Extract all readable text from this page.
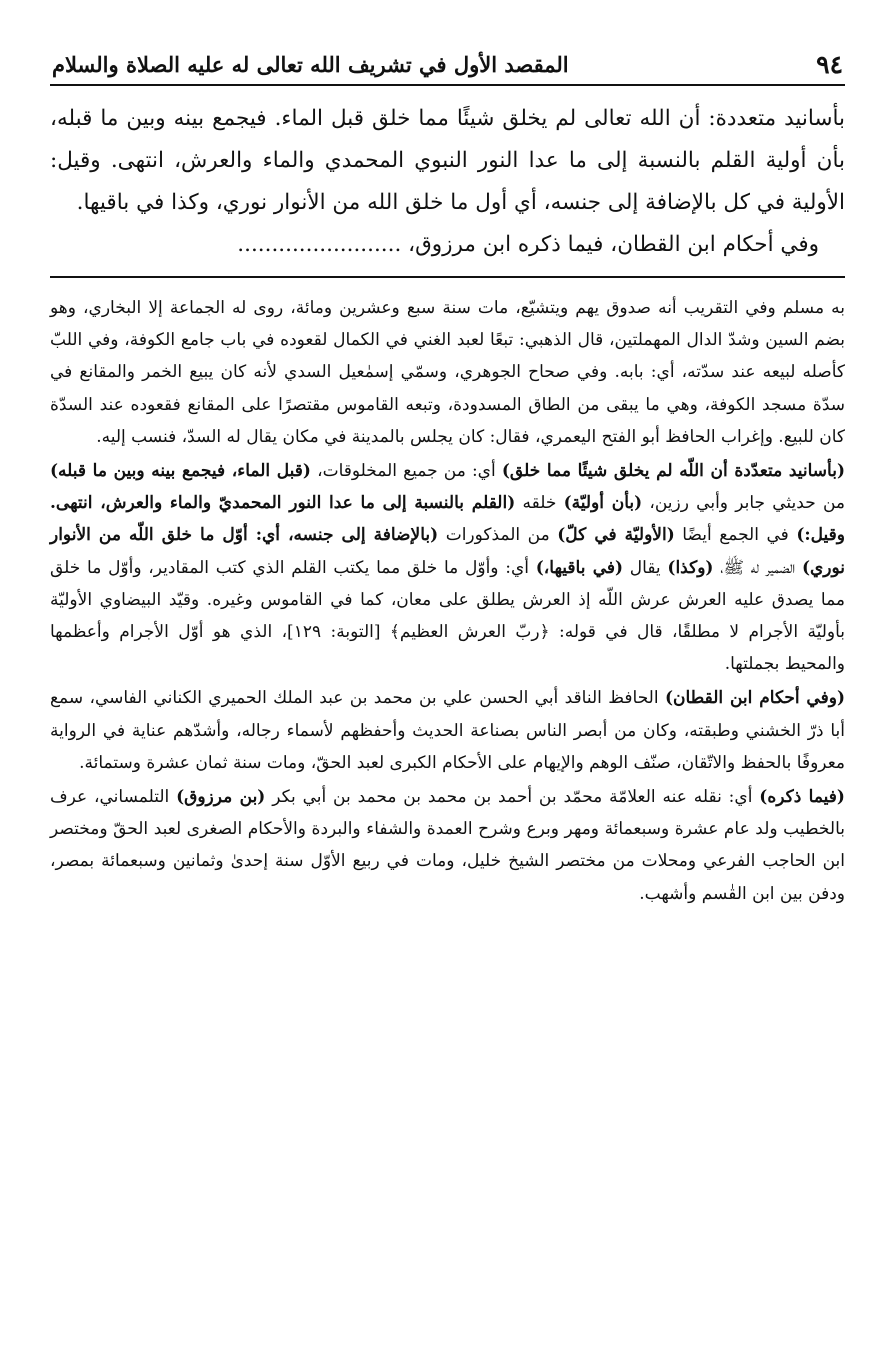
٩٤
المقصد الأول في تشريف الله تعالى له عليه الصلاة والسلام

بأسانيد متعددة: أن الله تعالى لم يخلق شيئًا مما خلق قبل الماء. فيجمع بينه وبين ما قبله، بأن أولية القلم بالنسبة إلى ما عدا النور النبوي المحمدي والماء والعرش، انتهى. وقيل: الأولية في كل بالإضافة إلى جنسه، أي أول ما خلق الله من الأنوار نوري، وكذا في باقيها.

وفي أحكام ابن القطان، فيما ذكره ابن مرزوق، ........................

به مسلم وفي التقريب أنه صدوق يهم ويتشيّع، مات سنة سبع وعشرين ومائة، روى له الجماعة إلا البخاري، وهو بضم السين وشدّ الدال المهملتين، قال الذهبي: تبعًا لعبد الغني في الكمال لقعوده في باب جامع الكوفة، وفي اللبّ كأصله لبيعه عند سدّته، أي: بابه. وفي صحاح الجوهري، وسمّي إسمٰعيل السدي لأنه كان يبيع الخمر والمقانع في سدّة مسجد الكوفة، وهي ما يبقى من الطاق المسدودة، وتبعه القاموس مقتصرًا على المقانع فقعوده عند السدّة كان للبيع. وإغراب الحافظ أبو الفتح اليعمري، فقال: كان يجلس بالمدينة في مكان يقال له السدّ، فنسب إليه.

(بأسانيد متعدّدة أن اللّه لم يخلق شيئًا مما خلق) أي: من جميع المخلوقات، (قبل الماء، فيجمع بينه وبين ما قبله) من حديثي جابر وأبي رزين، (بأن أوليّة) خلقه (القلم بالنسبة إلى ما عدا النور المحمديّ والماء والعرش، انتهى. وقيل:) في الجمع أيضًا (الأوليّة في كلّ) من المذكورات (بالإضافة إلى جنسه، أي: أوّل ما خلق اللّه من الأنوار نوري) الضمير له ﷺ، (وكذا) يقال (في باقيها،) أي: وأوّل ما خلق مما يكتب القلم الذي كتب المقادير، وأوّل ما خلق مما يصدق عليه العرش عرش اللّه إذ العرش يطلق على معان، كما في القاموس وغيره. وقيّد البيضاوي الأوليّة بأوليّة الأجرام لا مطلقًا، قال في قوله: ﴿ربّ العرش العظيم﴾ [التوبة: ١٢٩]، الذي هو أوّل الأجرام وأعظمها والمحيط بجملتها.

(وفي أحكام ابن القطان) الحافظ الناقد أبي الحسن علي بن محمد بن عبد الملك الحميري الكناني الفاسي، سمع أبا ذرّ الخشني وطبقته، وكان من أبصر الناس بصناعة الحديث وأحفظهم لأسماء رجاله، وأشدّهم عناية في الرواية معروفًا بالحفظ والاتّقان، صنّف الوهم والإيهام على الأحكام الكبرى لعبد الحقّ، ومات سنة ثمان عشرة وستمائة.

(فيما ذكره) أي: نقله عنه العلامّة محمّد بن أحمد بن محمد بن محمد بن أبي بكر (بن مرزوق) التلمساني، عرف بالخطيب ولد عام عشرة وسبعمائة ومهر وبرع وشرح العمدة والشفاء والبردة والأحكام الصغرى لعبد الحقّ ومختصر ابن الحاجب الفرعي ومحلات من مختصر الشيخ خليل، ومات في ربيع الأوّل سنة إحدىٰ وثمانين وسبعمائة بمصر، ودفن بين ابن القٰسم وأشهب.
